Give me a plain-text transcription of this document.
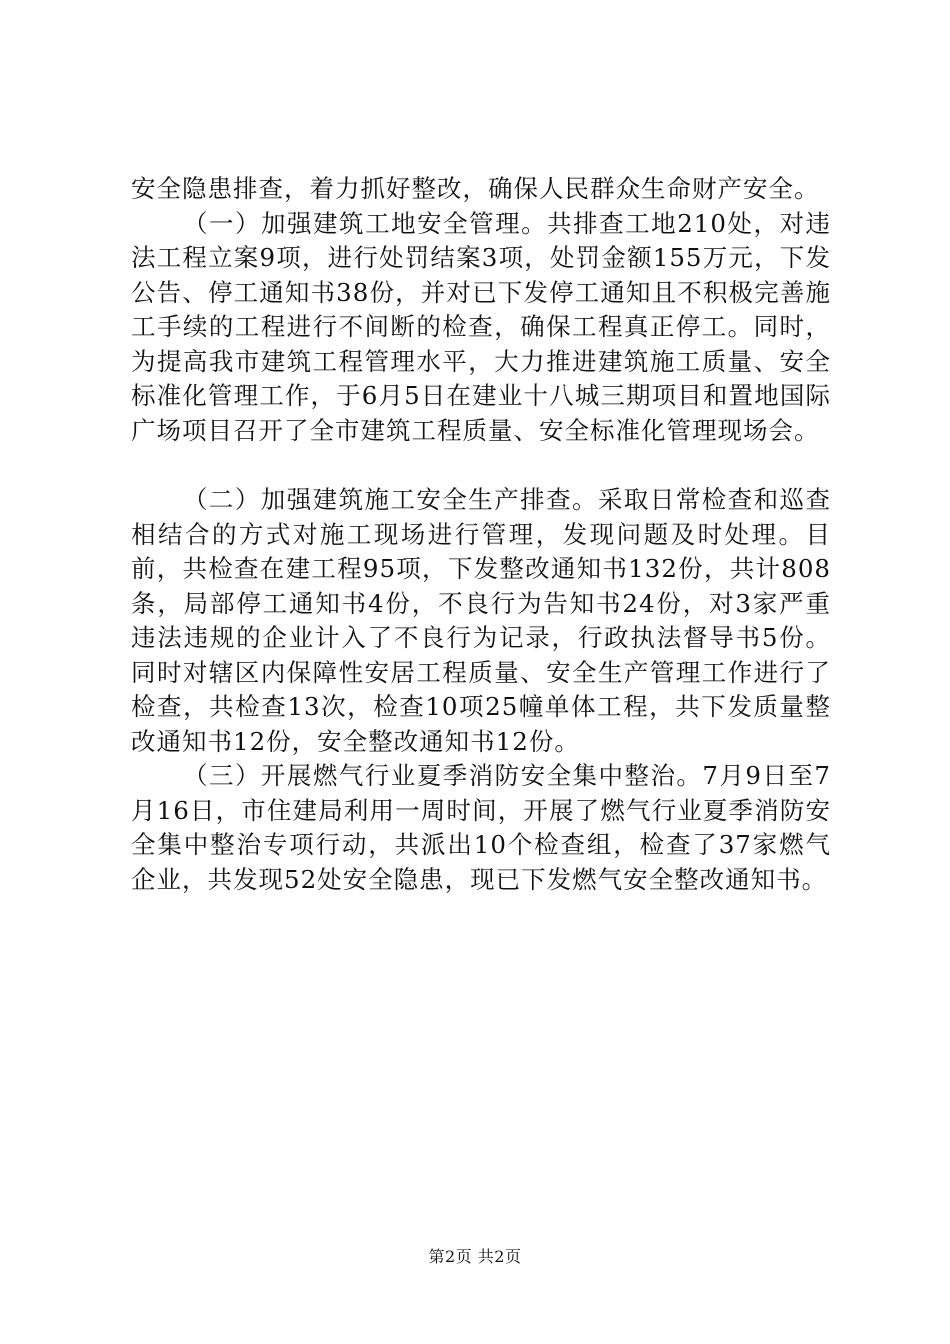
安全隐患排查，着力抓好整改，确保人民群众生命财产安全。

（一）加强建筑工地安全管理。共排查工地210处，对违法工程立案9项，进行处罚结案3项，处罚金额155万元，下发公告、停工通知书38份，并对已下发停工通知且不积极完善施工手续的工程进行不间断的检查，确保工程真正停工。同时，为提高我市建筑工程管理水平，大力推进建筑施工质量、安全标准化管理工作，于6月5日在建业十八城三期项目和置地国际广场项目召开了全市建筑工程质量、安全标准化管理现场会。

（二）加强建筑施工安全生产排查。采取日常检查和巡查相结合的方式对施工现场进行管理，发现问题及时处理。目前，共检查在建工程95项，下发整改通知书132份，共计808条，局部停工通知书4份，不良行为告知书24份，对3家严重违法违规的企业计入了不良行为记录，行政执法督导书5份。同时对辖区内保障性安居工程质量、安全生产管理工作进行了检查，共检查13次，检查10项25幢单体工程，共下发质量整改通知书12份，安全整改通知书12份。

（三）开展燃气行业夏季消防安全集中整治。7月9日至7月16日，市住建局利用一周时间，开展了燃气行业夏季消防安全集中整治专项行动，共派出10个检查组，检查了37家燃气企业，共发现52处安全隐患，现已下发燃气安全整改通知书。

第2页 共2页
